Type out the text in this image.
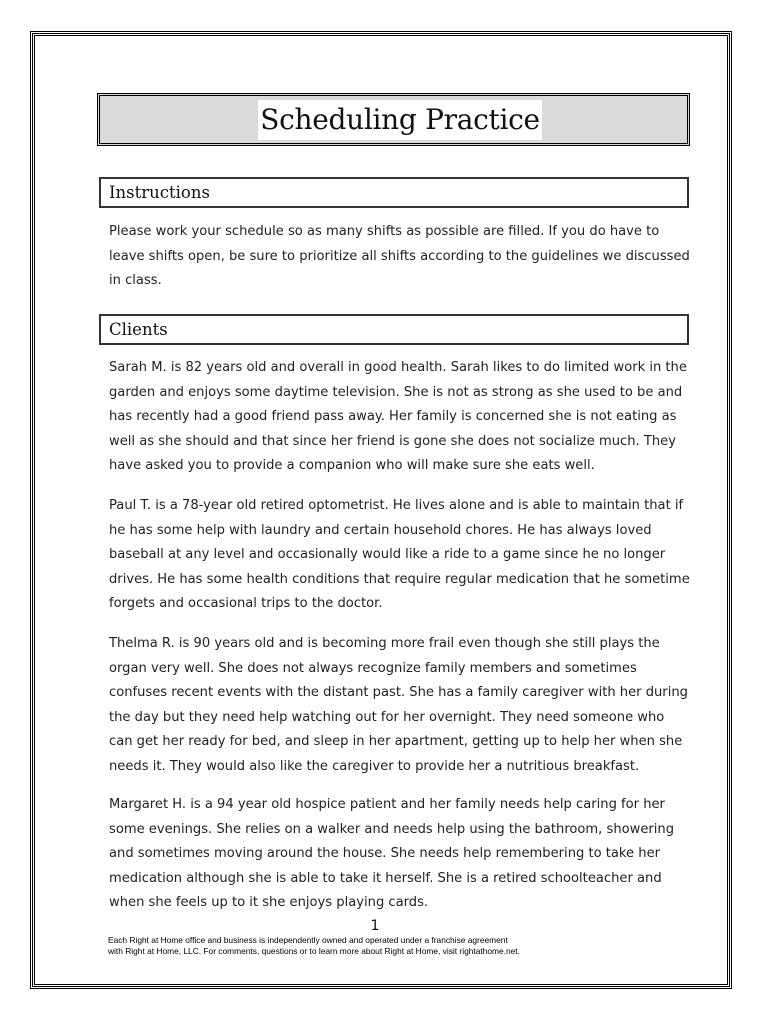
Scheduling Practice
Instructions
Please work your schedule so as many shifts as possible are filled. If you do have to
leave shifts open, be sure to prioritize all shifts according to the guidelines we discussed
in class.
Clients
Sarah M. is 82 years old and overall in good health. Sarah likes to do limited work in the
garden and enjoys some daytime television. She is not as strong as she used to be and
has recently had a good friend pass away. Her family is concerned she is not eating as
well as she should and that since her friend is gone she does not socialize much. They
have asked you to provide a companion who will make sure she eats well.
Paul T. is a 78-year old retired optometrist. He lives alone and is able to maintain that if
he has some help with laundry and certain household chores. He has always loved
baseball at any level and occasionally would like a ride to a game since he no longer
drives. He has some health conditions that require regular medication that he sometime
forgets and occasional trips to the doctor.
Thelma R. is 90 years old and is becoming more frail even though she still plays the
organ very well. She does not always recognize family members and sometimes
confuses recent events with the distant past. She has a family caregiver with her during
the day but they need help watching out for her overnight. They need someone who
can get her ready for bed, and sleep in her apartment, getting up to help her when she
needs it. They would also like the caregiver to provide her a nutritious breakfast.
Margaret H. is a 94 year old hospice patient and her family needs help caring for her
some evenings. She relies on a walker and needs help using the bathroom, showering
and sometimes moving around the house. She needs help remembering to take her
medication although she is able to take it herself. She is a retired schoolteacher and
when she feels up to it she enjoys playing cards.
1
Each Right at Home office and business is independently owned and operated under a franchise agreement
with Right at Home, LLC. For comments, questions or to learn more about Right at Home, visit rightathome.net.
